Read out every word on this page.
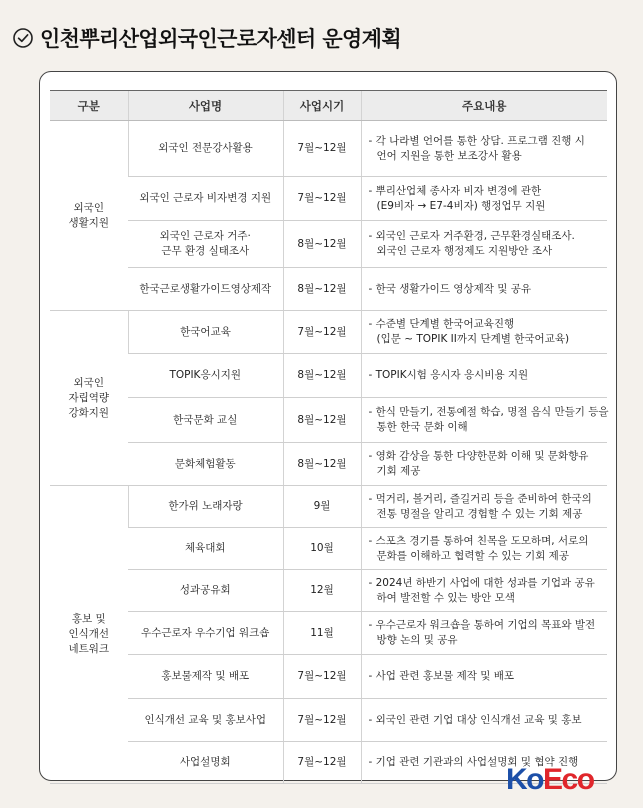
인천뿌리산업외국인근로자센터 운영계획
구분	사업명	사업시기	주요내용
외국인
생활지원	외국인 전문강사활용	7월~12월	- 각 나라별 언어를 통한 상담. 프로그램 진행 시
언어 지원을 통한 보조강사 활용

	외국인 근로자 비자변경 지원	7월~12월	- 뿌리산업체 종사자 비자 변경에 관한
(E9비자 → E7-4비자) 행정업무 지원

	외국인 근로자 거주·
근무 환경 실태조사	8월~12월	- 외국인 근로자 거주환경, 근무환경실태조사.
외국인 근로자 행정제도 지원방안 조사

	한국근로생활가이드영상제작	8월~12월	- 한국 생활가이드 영상제작 및 공유

외국인
자립역량
강화지원	한국어교육	7월~12월	- 수준별 단계별 한국어교육진행
(입문 ~ TOPIK II까지 단계별 한국어교육)

	TOPIK응시지원	8월~12월	- TOPIK시험 응시자 응시비용 지원

	한국문화 교실	8월~12월	- 한식 만들기, 전통예절 학습, 명절 음식 만들기 등을
통한 한국 문화 이해

	문화체험활동	8월~12월	- 영화 감상을 통한 다양한문화 이해 및 문화향유
기회 제공

홍보 및
인식개선
네트워크	한가위 노래자랑	9월	- 먹거리, 볼거리, 즐길거리 등을 준비하여 한국의
전통 명절을 알리고 경험할 수 있는 기회 제공

	체육대회	10월	- 스포츠 경기를 통하여 친목을 도모하며, 서로의
문화를 이해하고 협력할 수 있는 기회 제공

	성과공유회	12월	- 2024년 하반기 사업에 대한 성과를 기업과 공유
하여 발전할 수 있는 방안 모색

	우수근로자 우수기업 워크숍	11월	- 우수근로자 워크숍을 통하여 기업의 목표와 발전
방향 논의 및 공유

	홍보물제작 및 배포	7월~12월	- 사업 관련 홍보물 제작 및 배포

	인식개선 교육 및 홍보사업	7월~12월	- 외국인 관련 기업 대상 인식개선 교육 및 홍보

	사업설명회	7월~12월	- 기업 관련 기관과의 사업설명회 및 협약 진행
KoEco
